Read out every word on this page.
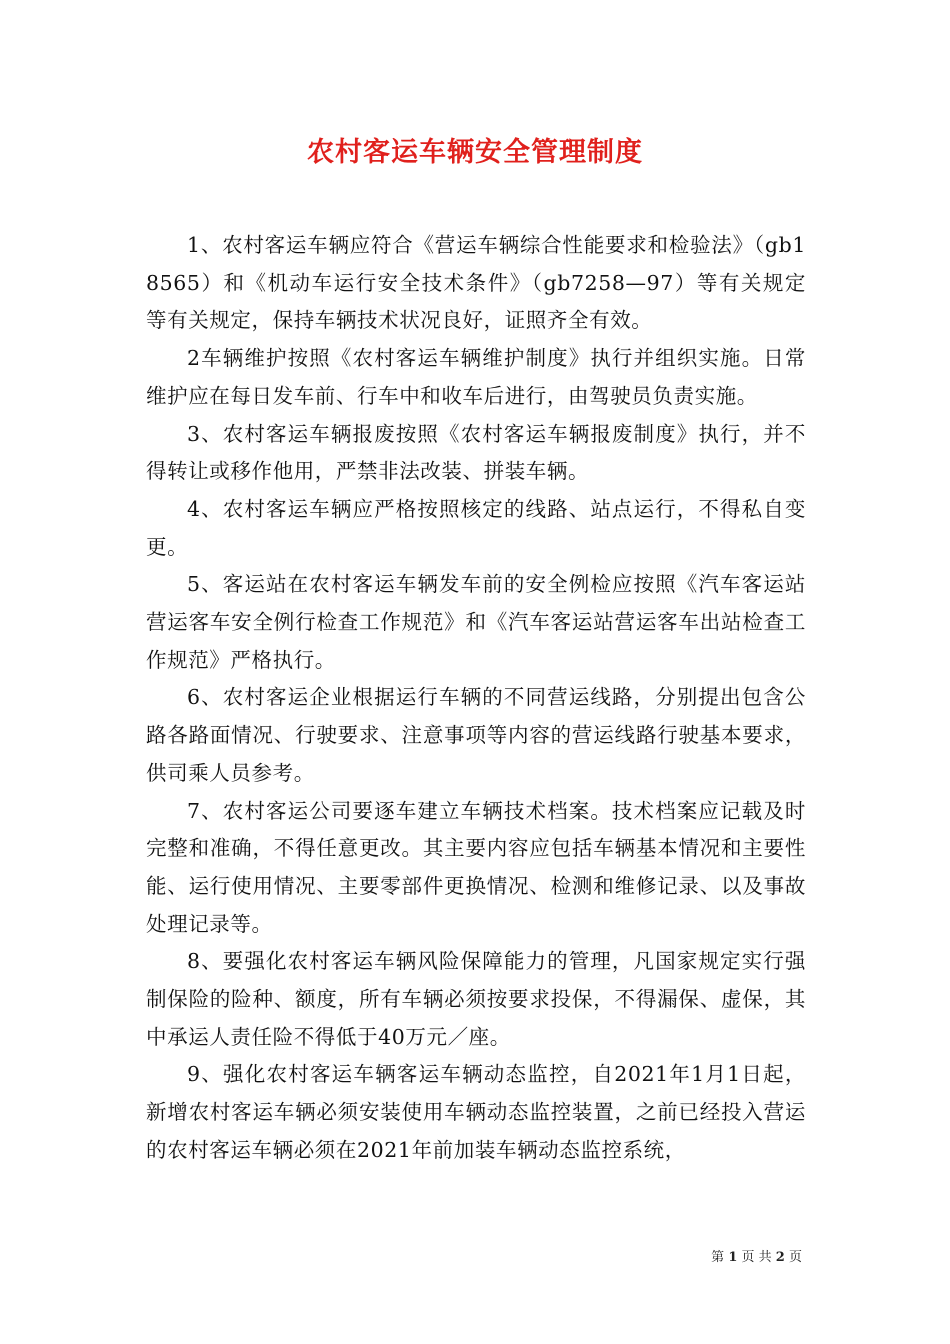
农村客运车辆安全管理制度

1、农村客运车辆应符合《营运车辆综合性能要求和检验法》（gb18565）和《机动车运行安全技术条件》（gb7258—97）等有关规定等有关规定，保持车辆技术状况良好，证照齐全有效。

2车辆维护按照《农村客运车辆维护制度》执行并组织实施。日常维护应在每日发车前、行车中和收车后进行，由驾驶员负责实施。

3、农村客运车辆报废按照《农村客运车辆报废制度》执行，并不得转让或移作他用，严禁非法改装、拼装车辆。

4、农村客运车辆应严格按照核定的线路、站点运行，不得私自变更。

5、客运站在农村客运车辆发车前的安全例检应按照《汽车客运站营运客车安全例行检查工作规范》和《汽车客运站营运客车出站检查工作规范》严格执行。

6、农村客运企业根据运行车辆的不同营运线路，分别提出包含公路各路面情况、行驶要求、注意事项等内容的营运线路行驶基本要求，供司乘人员参考。

7、农村客运公司要逐车建立车辆技术档案。技术档案应记载及时完整和准确，不得任意更改。其主要内容应包括车辆基本情况和主要性能、运行使用情况、主要零部件更换情况、检测和维修记录、以及事故处理记录等。

8、要强化农村客运车辆风险保障能力的管理，凡国家规定实行强制保险的险种、额度，所有车辆必须按要求投保，不得漏保、虚保，其中承运人责任险不得低于40万元／座。

9、强化农村客运车辆客运车辆动态监控，自2021年1月1日起，新增农村客运车辆必须安装使用车辆动态监控装置，之前已经投入营运的农村客运车辆必须在2021年前加装车辆动态监控系统，

第 1 页 共 2 页
